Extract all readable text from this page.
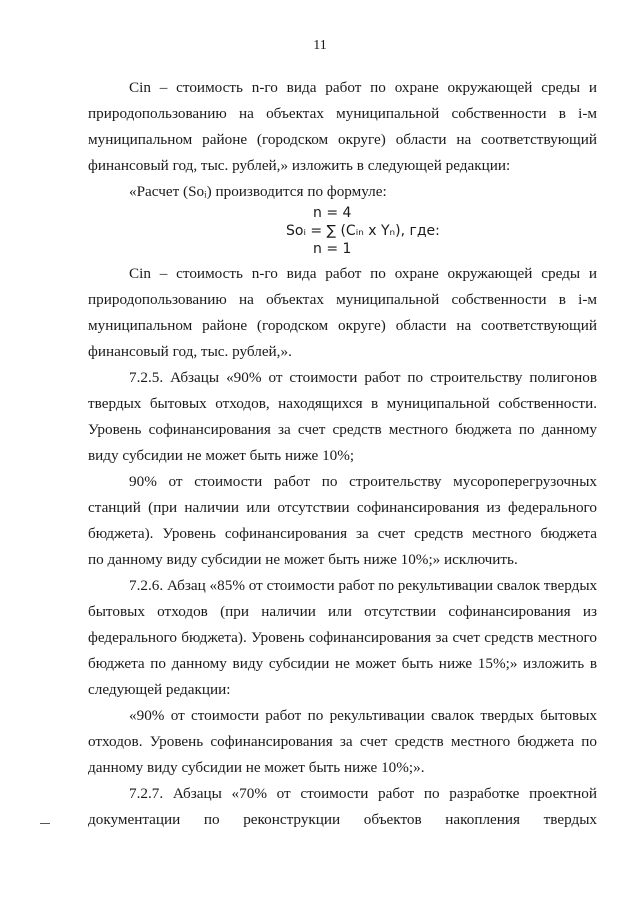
11
Cin – стоимость n-го вида работ по охране окружающей среды и
природопользованию на объектах муниципальной собственности в i-м
муниципальном районе (городском округе) области на соответствующий
финансовый год, тыс. рублей,» изложить в следующей редакции:
«Расчет (Soᵢ) производится по формуле:
n = 4
Soᵢ = ∑ (Cᵢₙ x Yₙ), где:
n = 1
Cin – стоимость n-го вида работ по охране окружающей среды и
природопользованию на объектах муниципальной собственности в i-м
муниципальном районе (городском округе) области на соответствующий
финансовый год, тыс. рублей,».
7.2.5. Абзацы «90% от стоимости работ по строительству полигонов
твердых бытовых отходов, находящихся в муниципальной собственности.
Уровень софинансирования за счет средств местного бюджета по данному
виду субсидии не может быть ниже 10%;
90% от стоимости работ по строительству мусороперегрузочных
станций (при наличии или отсутствии софинансирования из федерального
бюджета). Уровень софинансирования за счет средств местного бюджета
по данному виду субсидии не может быть ниже 10%;» исключить.
7.2.6. Абзац «85% от стоимости работ по рекультивации свалок твердых
бытовых отходов (при наличии или отсутствии софинансирования из
федерального бюджета). Уровень софинансирования за счет средств местного
бюджета по данному виду субсидии не может быть ниже 15%;» изложить в
следующей редакции:
«90% от стоимости работ по рекультивации свалок твердых бытовых
отходов. Уровень софинансирования за счет средств местного бюджета по
данному виду субсидии не может быть ниже 10%;».
7.2.7. Абзацы «70% от стоимости работ по разработке проектной
документации по реконструкции объектов накопления твердых
